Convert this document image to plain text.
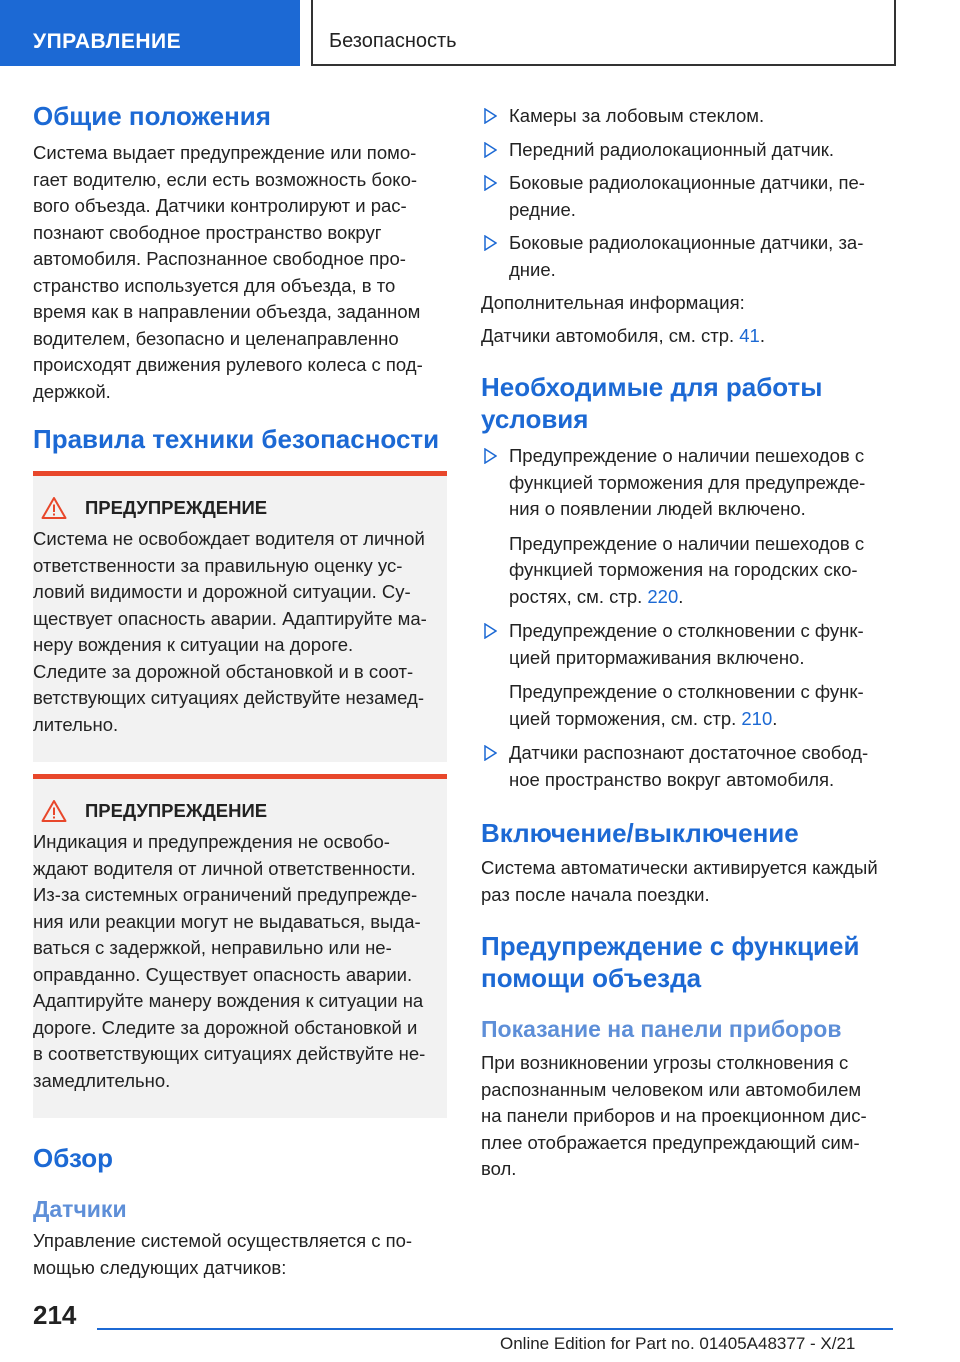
УПРАВЛЕНИЕ	Безопасность
Общие положения
Система выдает предупреждение или помо-
гает водителю, если есть возможность боко-
вого объезда. Датчики контролируют и рас-
познают свободное пространство вокруг
автомобиля. Распознанное свободное про-
странство используется для объезда, в то
время как в направлении объезда, заданном
водителем, безопасно и целенаправленно
происходят движения рулевого колеса с под-
держкой.
Правила техники безопасности
ПРЕДУПРЕЖДЕНИЕ
Система не освобождает водителя от личной
ответственности за правильную оценку ус-
ловий видимости и дорожной ситуации. Су-
ществует опасность аварии. Адаптируйте ма-
неру вождения к ситуации на дороге.
Следите за дорожной обстановкой и в соот-
ветствующих ситуациях действуйте незамед-
лительно.
ПРЕДУПРЕЖДЕНИЕ
Индикация и предупреждения не освобо-
ждают водителя от личной ответственности.
Из-за системных ограничений предупрежде-
ния или реакции могут не выдаваться, выда-
ваться с задержкой, неправильно или не-
оправданно. Существует опасность аварии.
Адаптируйте манеру вождения к ситуации на
дороге. Следите за дорожной обстановкой и
в соответствующих ситуациях действуйте не-
замедлительно.
Обзор
Датчики
Управление системой осуществляется с по-
мощью следующих датчиков:
Камеры за лобовым стеклом.
Передний радиолокационный датчик.
Боковые радиолокационные датчики, пе-
редние.
Боковые радиолокационные датчики, за-
дние.
Дополнительная информация:
Датчики автомобиля, см. стр. 41.
Необходимые для работы
условия
Предупреждение о наличии пешеходов с
функцией торможения для предупрежде-
ния о появлении людей включено.
Предупреждение о наличии пешеходов с
функцией торможения на городских ско-
ростях, см. стр. 220.
Предупреждение о столкновении с функ-
цией притормаживания включено.
Предупреждение о столкновении с функ-
цией торможения, см. стр. 210.
Датчики распознают достаточное свобод-
ное пространство вокруг автомобиля.
Включение/выключение
Система автоматически активируется каждый
раз после начала поездки.
Предупреждение с функцией
помощи объезда
Показание на панели приборов
При возникновении угрозы столкновения с
распознанным человеком или автомобилем
на панели приборов и на проекционном дис-
плее отображается предупреждающий сим-
вол.
214
Online Edition for Part no. 01405A48377 - X/21
